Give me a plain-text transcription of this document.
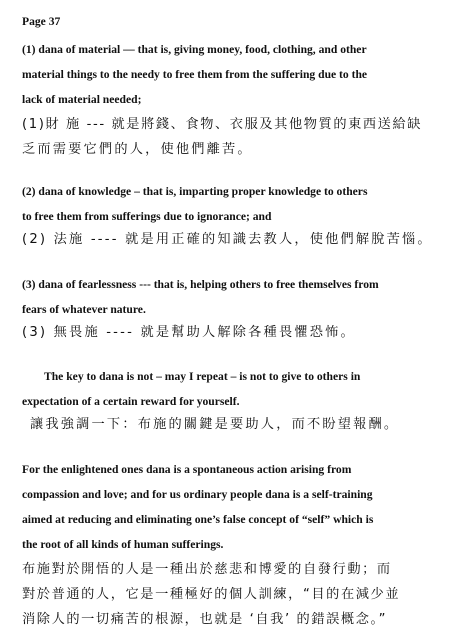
Page 37
(1) dana of material — that is, giving money, food, clothing, and other
material things to the needy to free them from the suffering due to the
lack of material needed;
(1)財 施 --- 就是將錢、食物、衣服及其他物質的東西送給缺
乏而需要它們的人，使他們離苦。
(2) dana of knowledge – that is, imparting proper knowledge to others
to free them from sufferings due to ignorance; and
(2) 法施 ---- 就是用正確的知識去教人，使他們解脫苦惱。
(3) dana of fearlessness --- that is, helping others to free themselves from
fears of whatever nature.
(3) 無畏施 ---- 就是幫助人解除各種畏懼恐怖。
The key to dana is not – may I repeat – is not to give to others in
expectation of a certain reward for yourself.
讓我強調一下：布施的關鍵是要助人，而不盼望報酬。
For the enlightened ones dana is a spontaneous action arising from
compassion and love; and for us ordinary people dana is a self-training
aimed at reducing and eliminating one’s false concept of “self” which is
the root of all kinds of human sufferings.
布施對於開悟的人是一種出於慈悲和博愛的自發行動；而
對於普通的人，它是一種極好的個人訓練，“目的在減少並
消除人的一切痛苦的根源，也就是 ‘自我’ 的錯誤概念。”
